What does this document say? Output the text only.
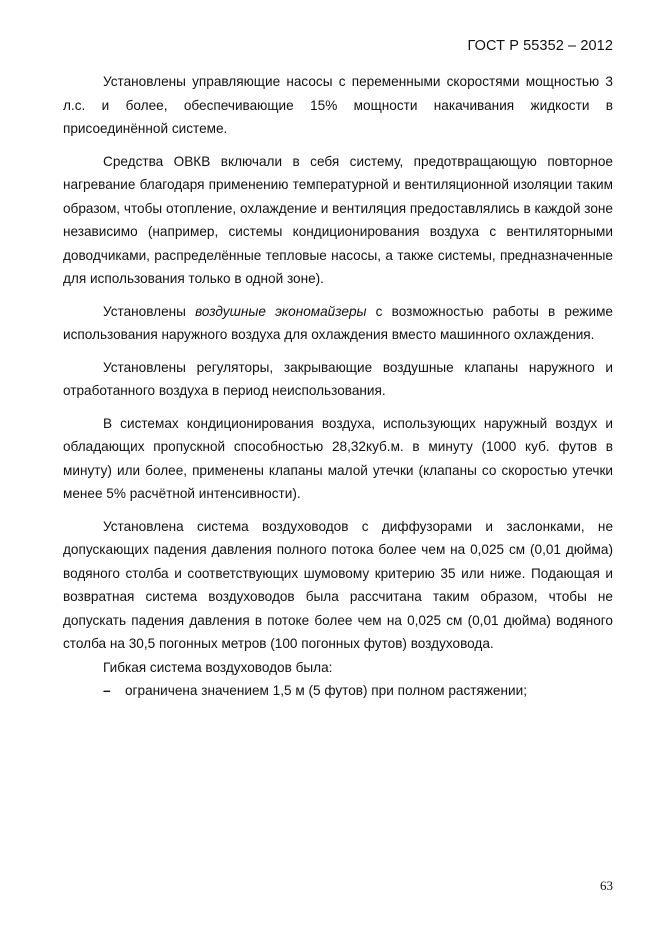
ГОСТ Р 55352 – 2012

Установлены управляющие насосы с переменными скоростями мощностью 3 л.с. и более, обеспечивающие 15% мощности накачивания жидкости в присоединённой системе.

Средства ОВКВ включали в себя систему, предотвращающую повторное нагревание благодаря применению температурной и вентиляционной изоляции таким образом, чтобы отопление, охлаждение и вентиляция предоставлялись в каждой зоне независимо (например, системы кондиционирования воздуха с вентиляторными доводчиками, распределённые тепловые насосы, а также системы, предназначенные для использования только в одной зоне).

Установлены воздушные экономайзеры с возможностью работы в режиме использования наружного воздуха для охлаждения вместо машинного охлаждения.

Установлены регуляторы, закрывающие воздушные клапаны наружного и отработанного воздуха в период неиспользования.

В системах кондиционирования воздуха, использующих наружный воздух и обладающих пропускной способностью 28,32куб.м. в минуту (1000 куб. футов в минуту) или более, применены клапаны малой утечки (клапаны со скоростью утечки менее 5% расчётной интенсивности).

Установлена система воздуховодов с диффузорами и заслонками, не допускающих падения давления полного потока более чем на 0,025 см (0,01 дюйма) водяного столба и соответствующих шумовому критерию 35 или ниже. Подающая и возвратная система воздуховодов была рассчитана таким образом, чтобы не допускать падения давления в потоке более чем на 0,025 см (0,01 дюйма) водяного столба на 30,5 погонных метров (100 погонных футов) воздуховода.

Гибкая система воздуховодов была:

– ограничена значением 1,5 м (5 футов) при полном растяжении;

63
